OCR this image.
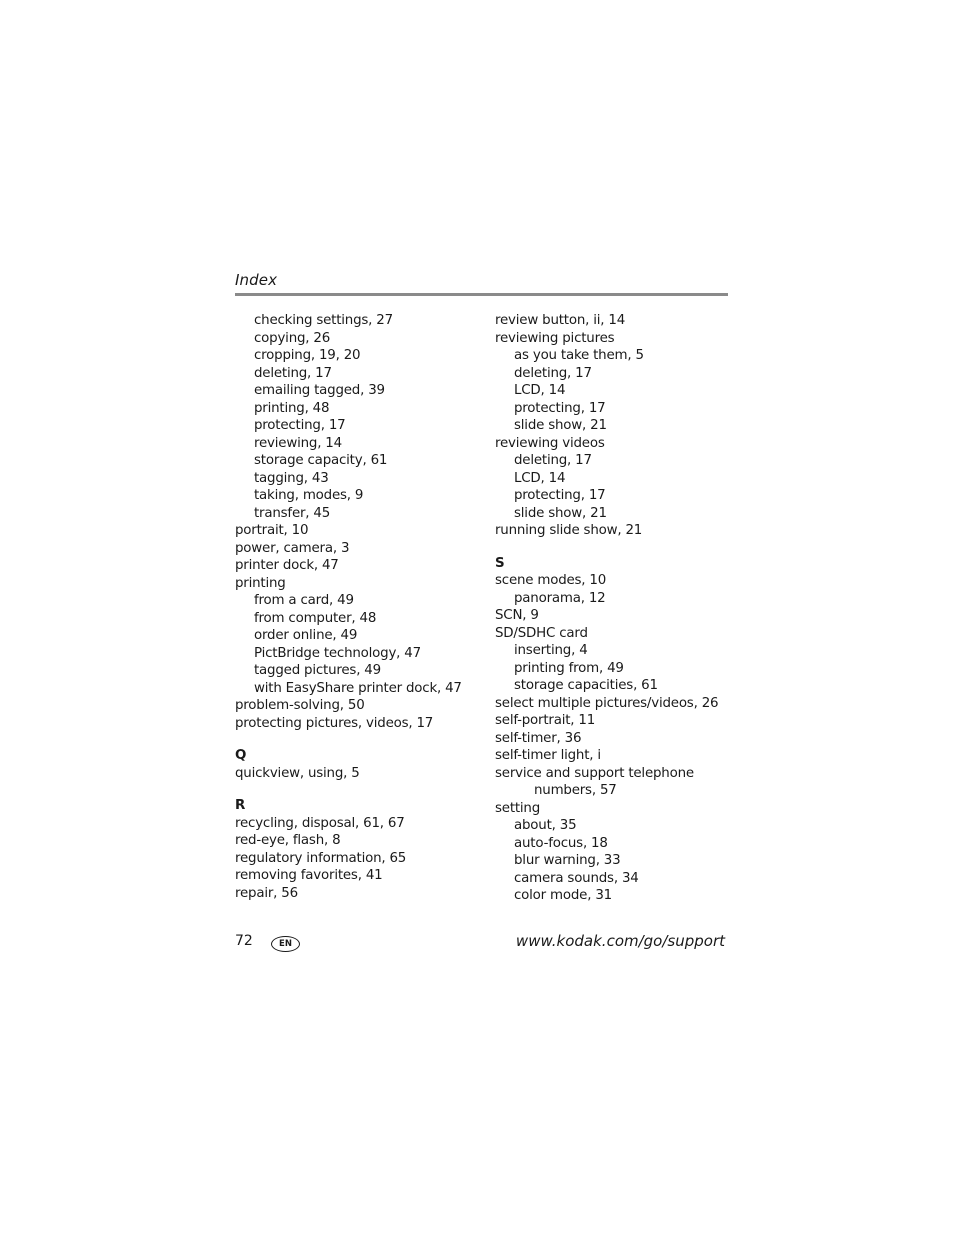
Index
checking settings, 27
copying, 26
cropping, 19, 20
deleting, 17
emailing tagged, 39
printing, 48
protecting, 17
reviewing, 14
storage capacity, 61
tagging, 43
taking, modes, 9
transfer, 45
portrait, 10
power, camera, 3
printer dock, 47
printing
from a card, 49
from computer, 48
order online, 49
PictBridge technology, 47
tagged pictures, 49
with EasyShare printer dock, 47
problem-solving, 50
protecting pictures, videos, 17
Q
quickview, using, 5
R
recycling, disposal, 61, 67
red-eye, flash, 8
regulatory information, 65
removing favorites, 41
repair, 56
review button, ii, 14
reviewing pictures
as you take them, 5
deleting, 17
LCD, 14
protecting, 17
slide show, 21
reviewing videos
deleting, 17
LCD, 14
protecting, 17
slide show, 21
running slide show, 21
S
scene modes, 10
panorama, 12
SCN, 9
SD/SDHC card
inserting, 4
printing from, 49
storage capacities, 61
select multiple pictures/videos, 26
self-portrait, 11
self-timer, 36
self-timer light, i
service and support telephone
numbers, 57
setting
about, 35
auto-focus, 18
blur warning, 33
camera sounds, 34
color mode, 31
72	EN	www.kodak.com/go/support
